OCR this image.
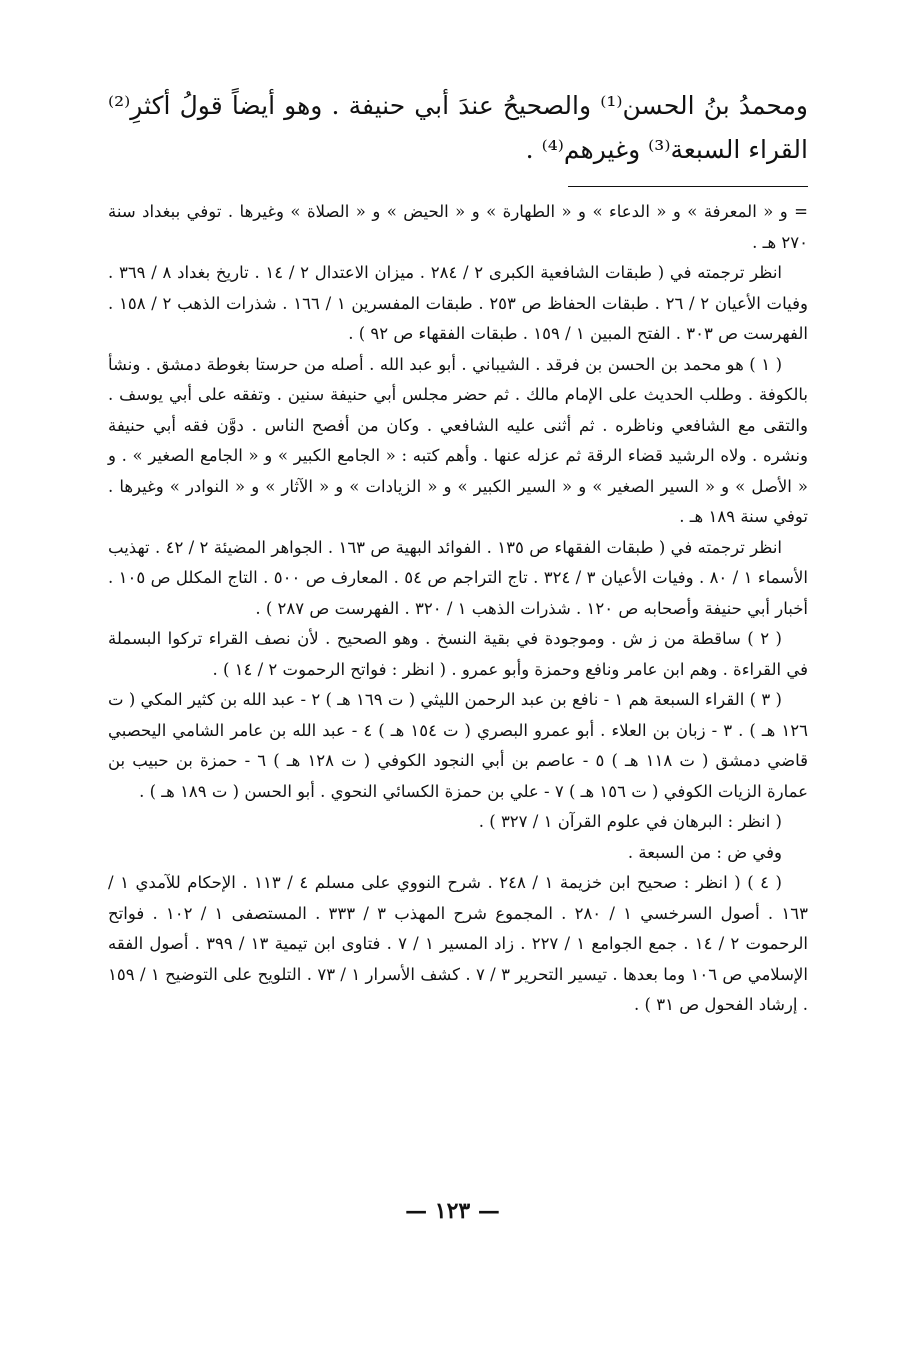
ومحمدُ بنُ الحسن⁽¹⁾ والصحيحُ عندَ أبي حنيفة . وهو أيضاً قولُ أكثرِ⁽²⁾ القراء السبعة⁽³⁾ وغيرهم⁽⁴⁾ .

= و « المعرفة » و « الدعاء » و « الطهارة » و « الحيض » و « الصلاة » وغيرها . توفي ببغداد سنة ٢٧٠ هـ .

انظر ترجمته في ( طبقات الشافعية الكبرى ٢ / ٢٨٤ . ميزان الاعتدال ٢ / ١٤ . تاريخ بغداد ٨ / ٣٦٩ . وفيات الأعيان ٢ / ٢٦ . طبقات الحفاظ ص ٢٥٣ . طبقات المفسرين ١ / ١٦٦ . شذرات الذهب ٢ / ١٥٨ . الفهرست ص ٣٠٣ . الفتح المبين ١ / ١٥٩ . طبقات الفقهاء ص ٩٢ ) .

( ١ ) هو محمد بن الحسن بن فرقد . الشيباني . أبو عبد الله . أصله من حرستا بغوطة دمشق . ونشأ بالكوفة . وطلب الحديث على الإمام مالك . ثم حضر مجلس أبي حنيفة سنين . وتفقه على أبي يوسف . والتقى مع الشافعي وناظره . ثم أثنى عليه الشافعي . وكان من أفصح الناس . دوَّن فقه أبي حنيفة ونشره . ولاه الرشيد قضاء الرقة ثم عزله عنها . وأهم كتبه : « الجامع الكبير » و « الجامع الصغير » . و « الأصل » و « السير الصغير » و « السير الكبير » و « الزيادات » و « الآثار » و « النوادر » وغيرها . توفي سنة ١٨٩ هـ .

انظر ترجمته في ( طبقات الفقهاء ص ١٣٥ . الفوائد البهية ص ١٦٣ . الجواهر المضيئة ٢ / ٤٢ . تهذيب الأسماء ١ / ٨٠ . وفيات الأعيان ٣ / ٣٢٤ . تاج التراجم ص ٥٤ . المعارف ص ٥٠٠ . التاج المكلل ص ١٠٥ . أخبار أبي حنيفة وأصحابه ص ١٢٠ . شذرات الذهب ١ / ٣٢٠ . الفهرست ص ٢٨٧ ) .

( ٢ ) ساقطة من ز ش . وموجودة في بقية النسخ . وهو الصحيح . لأن نصف القراء تركوا البسملة في القراءة . وهم ابن عامر ونافع وحمزة وأبو عمرو . ( انظر : فواتح الرحموت ٢ / ١٤ ) .

( ٣ ) القراء السبعة هم ١ - نافع بن عبد الرحمن الليثي ( ت ١٦٩ هـ ) ٢ - عبد الله بن كثير المكي ( ت ١٢٦ هـ ) . ٣ - زبان بن العلاء . أبو عمرو البصري ( ت ١٥٤ هـ ) ٤ - عبد الله بن عامر الشامي اليحصبي قاضي دمشق ( ت ١١٨ هـ ) ٥ - عاصم بن أبي النجود الكوفي ( ت ١٢٨ هـ ) ٦ - حمزة بن حبيب بن عمارة الزيات الكوفي ( ت ١٥٦ هـ ) ٧ - علي بن حمزة الكسائي النحوي . أبو الحسن ( ت ١٨٩ هـ ) .

( انظر : البرهان في علوم القرآن ١ / ٣٢٧ ) .

وفي ض : من السبعة .

( ٤ ) ( انظر : صحيح ابن خزيمة ١ / ٢٤٨ . شرح النووي على مسلم ٤ / ١١٣ . الإحكام للآمدي ١ / ١٦٣ . أصول السرخسي ١ / ٢٨٠ . المجموع شرح المهذب ٣ / ٣٣٣ . المستصفى ١ / ١٠٢ . فواتح الرحموت ٢ / ١٤ . جمع الجوامع ١ / ٢٢٧ . زاد المسير ١ / ٧ . فتاوى ابن تيمية ١٣ / ٣٩٩ . أصول الفقه الإسلامي ص ١٠٦ وما بعدها . تيسير التحرير ٣ / ٧ . كشف الأسرار ١ / ٧٣ . التلويح على التوضيح ١ / ١٥٩ . إرشاد الفحول ص ٣١ ) .

— ١٢٣ —
